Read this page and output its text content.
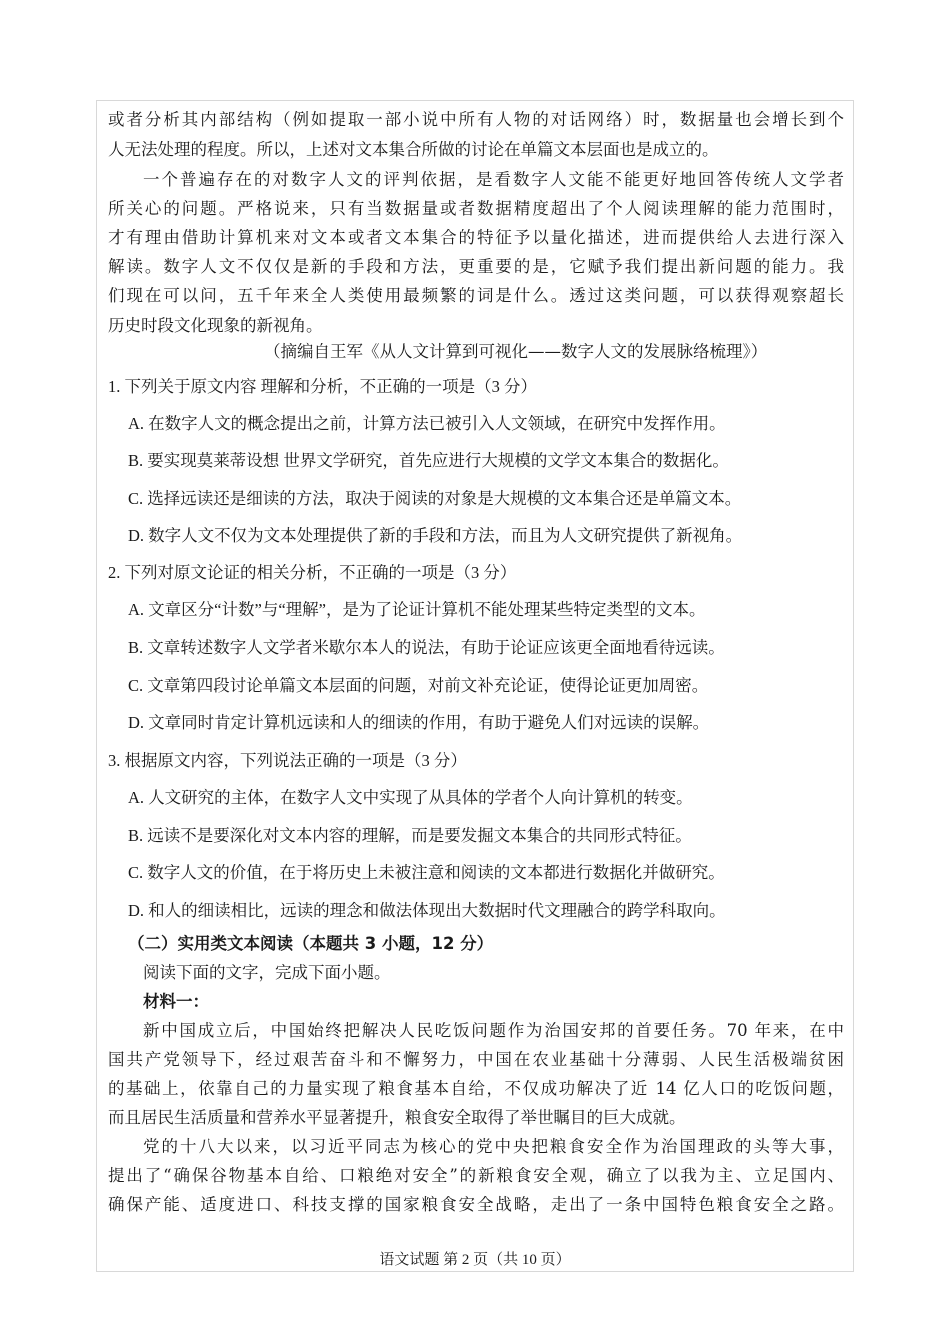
或者分析其内部结构（例如提取一部小说中所有人物的对话网络）时，数据量也会增长到个
人无法处理的程度。所以，上述对文本集合所做的讨论在单篇文本层面也是成立的。
一个普遍存在的对数字人文的评判依据，是看数字人文能不能更好地回答传统人文学者
所关心的问题。严格说来，只有当数据量或者数据精度超出了个人阅读理解的能力范围时，
才有理由借助计算机来对文本或者文本集合的特征予以量化描述，进而提供给人去进行深入
解读。数字人文不仅仅是新的手段和方法，更重要的是，它赋予我们提出新问题的能力。我
们现在可以问，五千年来全人类使用最频繁的词是什么。透过这类问题，可以获得观察超长
历史时段文化现象的新视角。
（摘编自王军《从人文计算到可视化——数字人文的发展脉络梳理》）
1. 下列关于原文内容 理解和分析，不正确的一项是（3 分）
A. 在数字人文的概念提出之前，计算方法已被引入人文领域，在研究中发挥作用。
B. 要实现莫莱蒂设想 世界文学研究，首先应进行大规模的文学文本集合的数据化。
C. 选择远读还是细读的方法，取决于阅读的对象是大规模的文本集合还是单篇文本。
D. 数字人文不仅为文本处理提供了新的手段和方法，而且为人文研究提供了新视角。
2. 下列对原文论证的相关分析，不正确的一项是（3 分）
A. 文章区分“计数”与“理解”，是为了论证计算机不能处理某些特定类型的文本。
B. 文章转述数字人文学者米歇尔本人的说法，有助于论证应该更全面地看待远读。
C. 文章第四段讨论单篇文本层面的问题，对前文补充论证，使得论证更加周密。
D. 文章同时肯定计算机远读和人的细读的作用，有助于避免人们对远读的误解。
3. 根据原文内容，下列说法正确的一项是（3 分）
A. 人文研究的主体，在数字人文中实现了从具体的学者个人向计算机的转变。
B. 远读不是要深化对文本内容的理解，而是要发掘文本集合的共同形式特征。
C. 数字人文的价值，在于将历史上未被注意和阅读的文本都进行数据化并做研究。
D. 和人的细读相比，远读的理念和做法体现出大数据时代文理融合的跨学科取向。
（二）实用类文本阅读（本题共 3 小题，12 分）
阅读下面的文字，完成下面小题。
材料一：
新中国成立后，中国始终把解决人民吃饭问题作为治国安邦的首要任务。70 年来，在中
国共产党领导下，经过艰苦奋斗和不懈努力，中国在农业基础十分薄弱、人民生活极端贫困
的基础上，依靠自己的力量实现了粮食基本自给，不仅成功解决了近 14 亿人口的吃饭问题，
而且居民生活质量和营养水平显著提升，粮食安全取得了举世瞩目的巨大成就。
党的十八大以来，以习近平同志为核心的党中央把粮食安全作为治国理政的头等大事，
提出了“确保谷物基本自给、口粮绝对安全”的新粮食安全观，确立了以我为主、立足国内、
确保产能、适度进口、科技支撑的国家粮食安全战略，走出了一条中国特色粮食安全之路。
语文试题 第 2 页（共 10 页）
